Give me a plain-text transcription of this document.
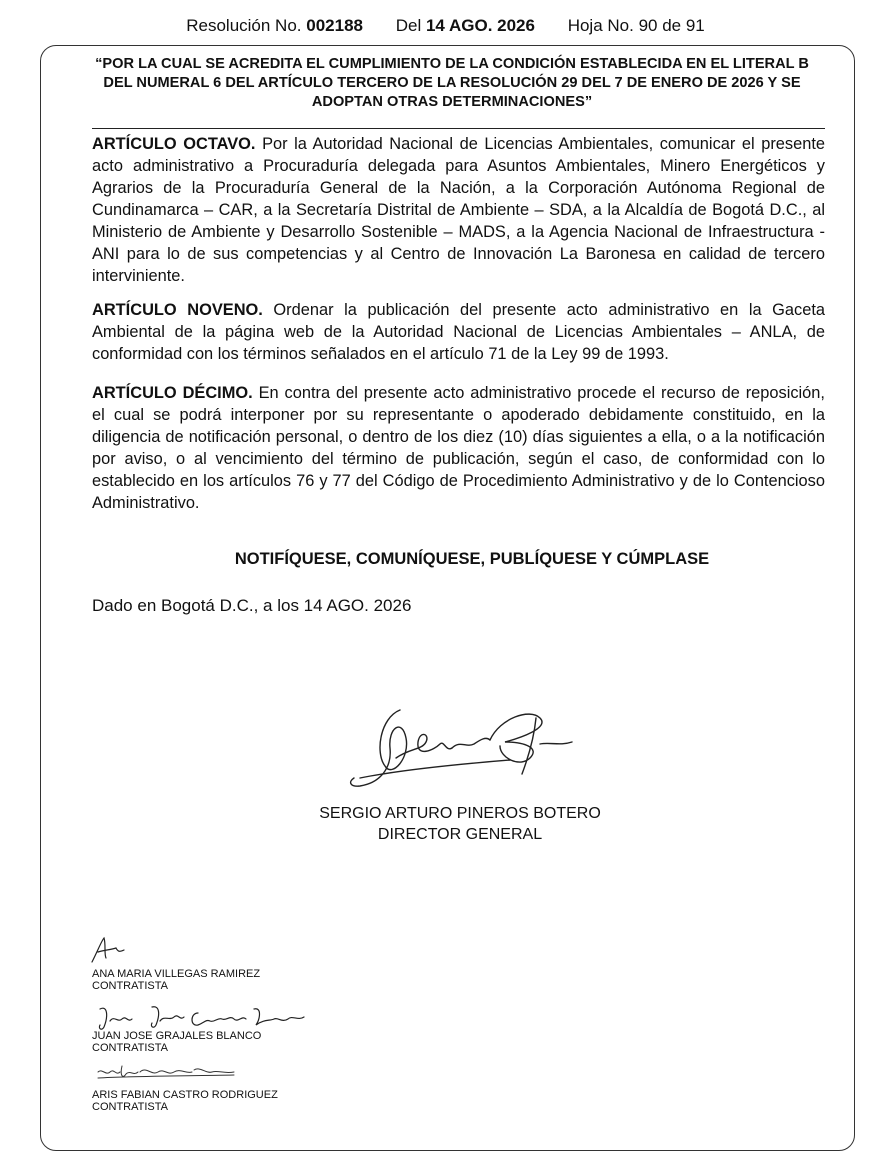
Resolución No. 002188 Del 14 AGO. 2026 Hoja No. 90 de 91
“POR LA CUAL SE ACREDITA EL CUMPLIMIENTO DE LA CONDICIÓN ESTABLECIDA EN EL LITERAL B DEL NUMERAL 6 DEL ARTÍCULO TERCERO DE LA RESOLUCIÓN 29 DEL 7 DE ENERO DE 2026 Y SE ADOPTAN OTRAS DETERMINACIONES”

ARTÍCULO OCTAVO. Por la Autoridad Nacional de Licencias Ambientales, comunicar el presente acto administrativo a Procuraduría delegada para Asuntos Ambientales, Minero Energéticos y Agrarios de la Procuraduría General de la Nación, a la Corporación Autónoma Regional de Cundinamarca – CAR, a la Secretaría Distrital de Ambiente – SDA, a la Alcaldía de Bogotá D.C., al Ministerio de Ambiente y Desarrollo Sostenible – MADS, a la Agencia Nacional de Infraestructura -ANI para lo de sus competencias y al Centro de Innovación La Baronesa en calidad de tercero interviniente.

ARTÍCULO NOVENO. Ordenar la publicación del presente acto administrativo en la Gaceta Ambiental de la página web de la Autoridad Nacional de Licencias Ambientales – ANLA, de conformidad con los términos señalados en el artículo 71 de la Ley 99 de 1993.

ARTÍCULO DÉCIMO. En contra del presente acto administrativo procede el recurso de reposición, el cual se podrá interponer por su representante o apoderado debidamente constituido, en la diligencia de notificación personal, o dentro de los diez (10) días siguientes a ella, o a la notificación por aviso, o al vencimiento del término de publicación, según el caso, de conformidad con lo establecido en los artículos 76 y 77 del Código de Procedimiento Administrativo y de lo Contencioso Administrativo.

NOTIFÍQUESE, COMUNÍQUESE, PUBLÍQUESE Y CÚMPLASE
Dado en Bogotá D.C., a los 14 AGO. 2026
SERGIO ARTURO PINEROS BOTERO
DIRECTOR GENERAL
ANA MARIA VILLEGAS RAMIREZ
CONTRATISTA
JUAN JOSE GRAJALES BLANCO
CONTRATISTA
ARIS FABIAN CASTRO RODRIGUEZ
CONTRATISTA
